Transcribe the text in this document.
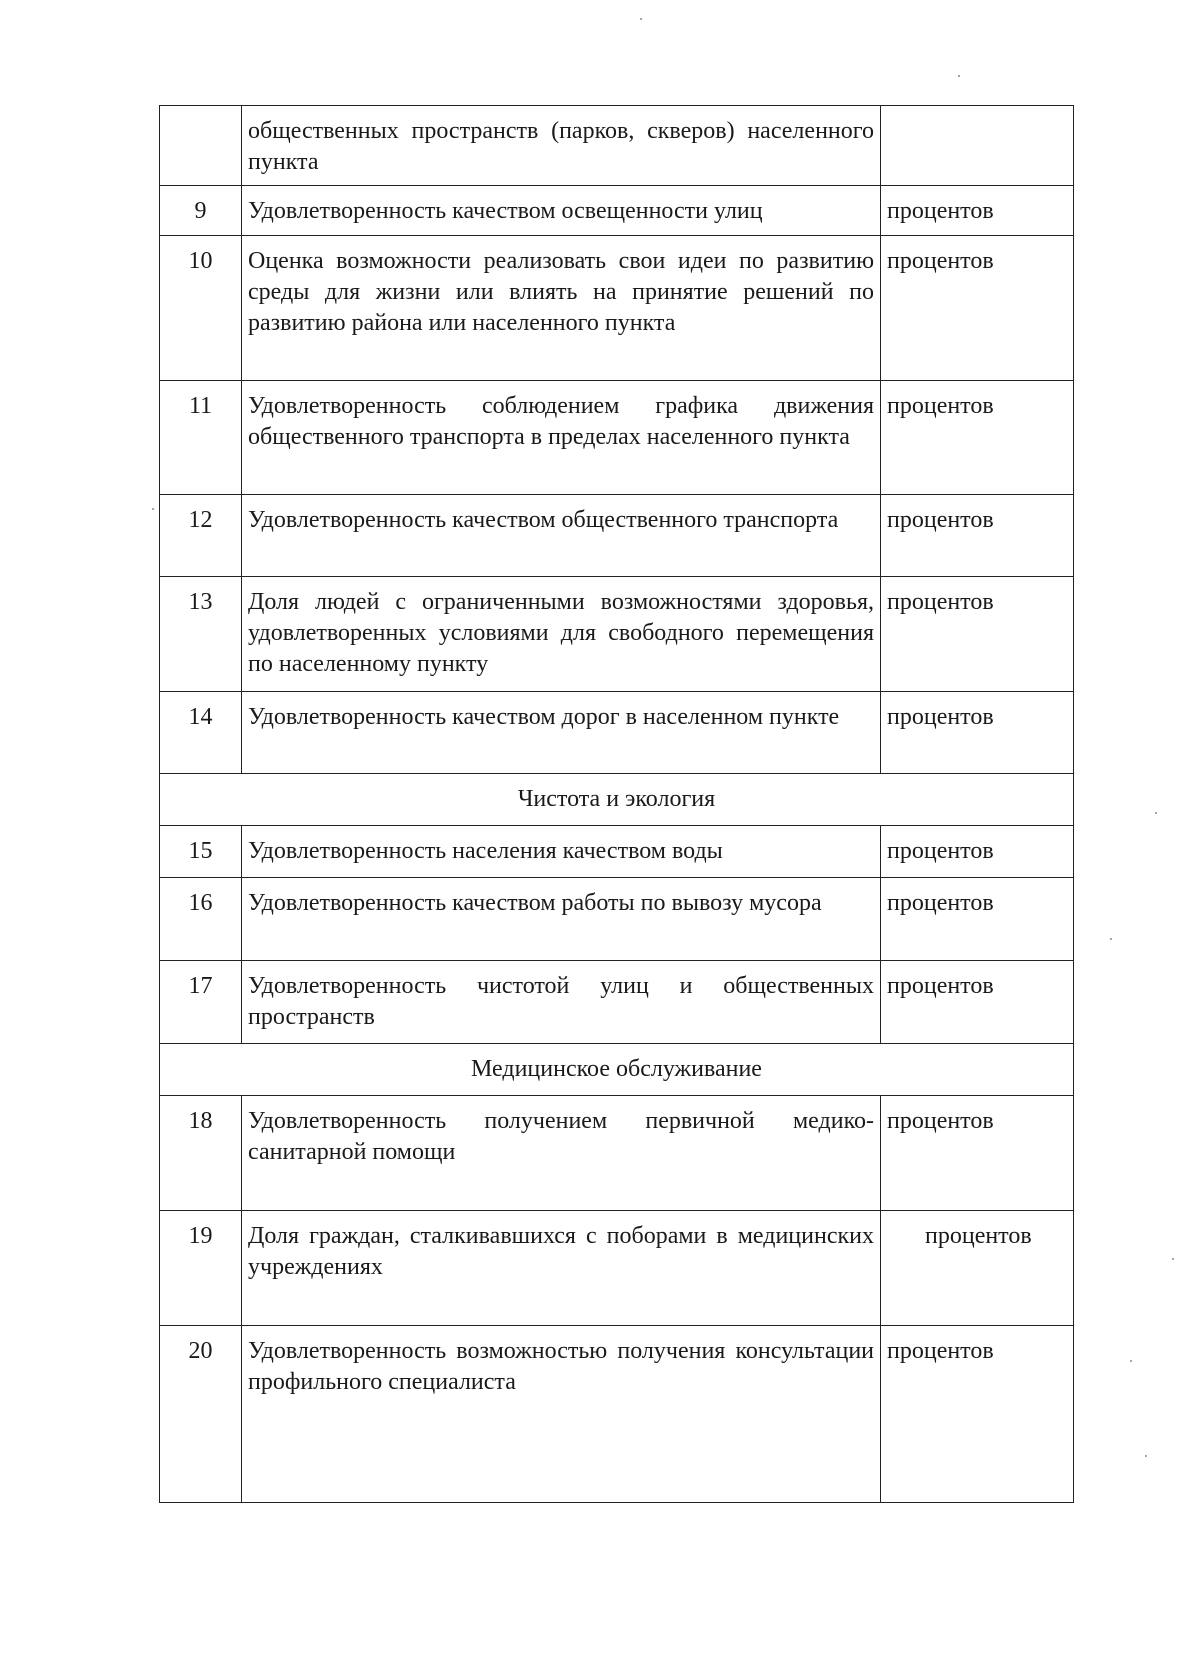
	общественных пространств (парков, скверов) населенного пункта	
9	Удовлетворенность качеством освещенности улиц	процентов
10	Оценка возможности реализовать свои идеи по развитию среды для жизни или влиять на принятие решений по развитию района или населенного пункта	процентов
11	Удовлетворенность соблюдением графика движения общественного транспорта в пределах населенного пункта	процентов
12	Удовлетворенность качеством общественного транспорта	процентов
13	Доля людей с ограниченными возможностями здоровья, удовлетворенных условиями для свободного перемещения по населенному пункту	процентов
14	Удовлетворенность качеством дорог в населенном пункте	процентов
Чистота и экология		
15	Удовлетворенность населения качеством воды	процентов
16	Удовлетворенность качеством работы по вывозу мусора	процентов
17	Удовлетворенность чистотой улиц и общественных пространств	процентов
Медицинское обслуживание		
18	Удовлетворенность получением первичной медико-санитарной помощи	процентов
19	Доля граждан, сталкивавшихся с поборами в медицинских учреждениях	процентов
20	Удовлетворенность возможностью получения консультации профильного специалиста	процентов
